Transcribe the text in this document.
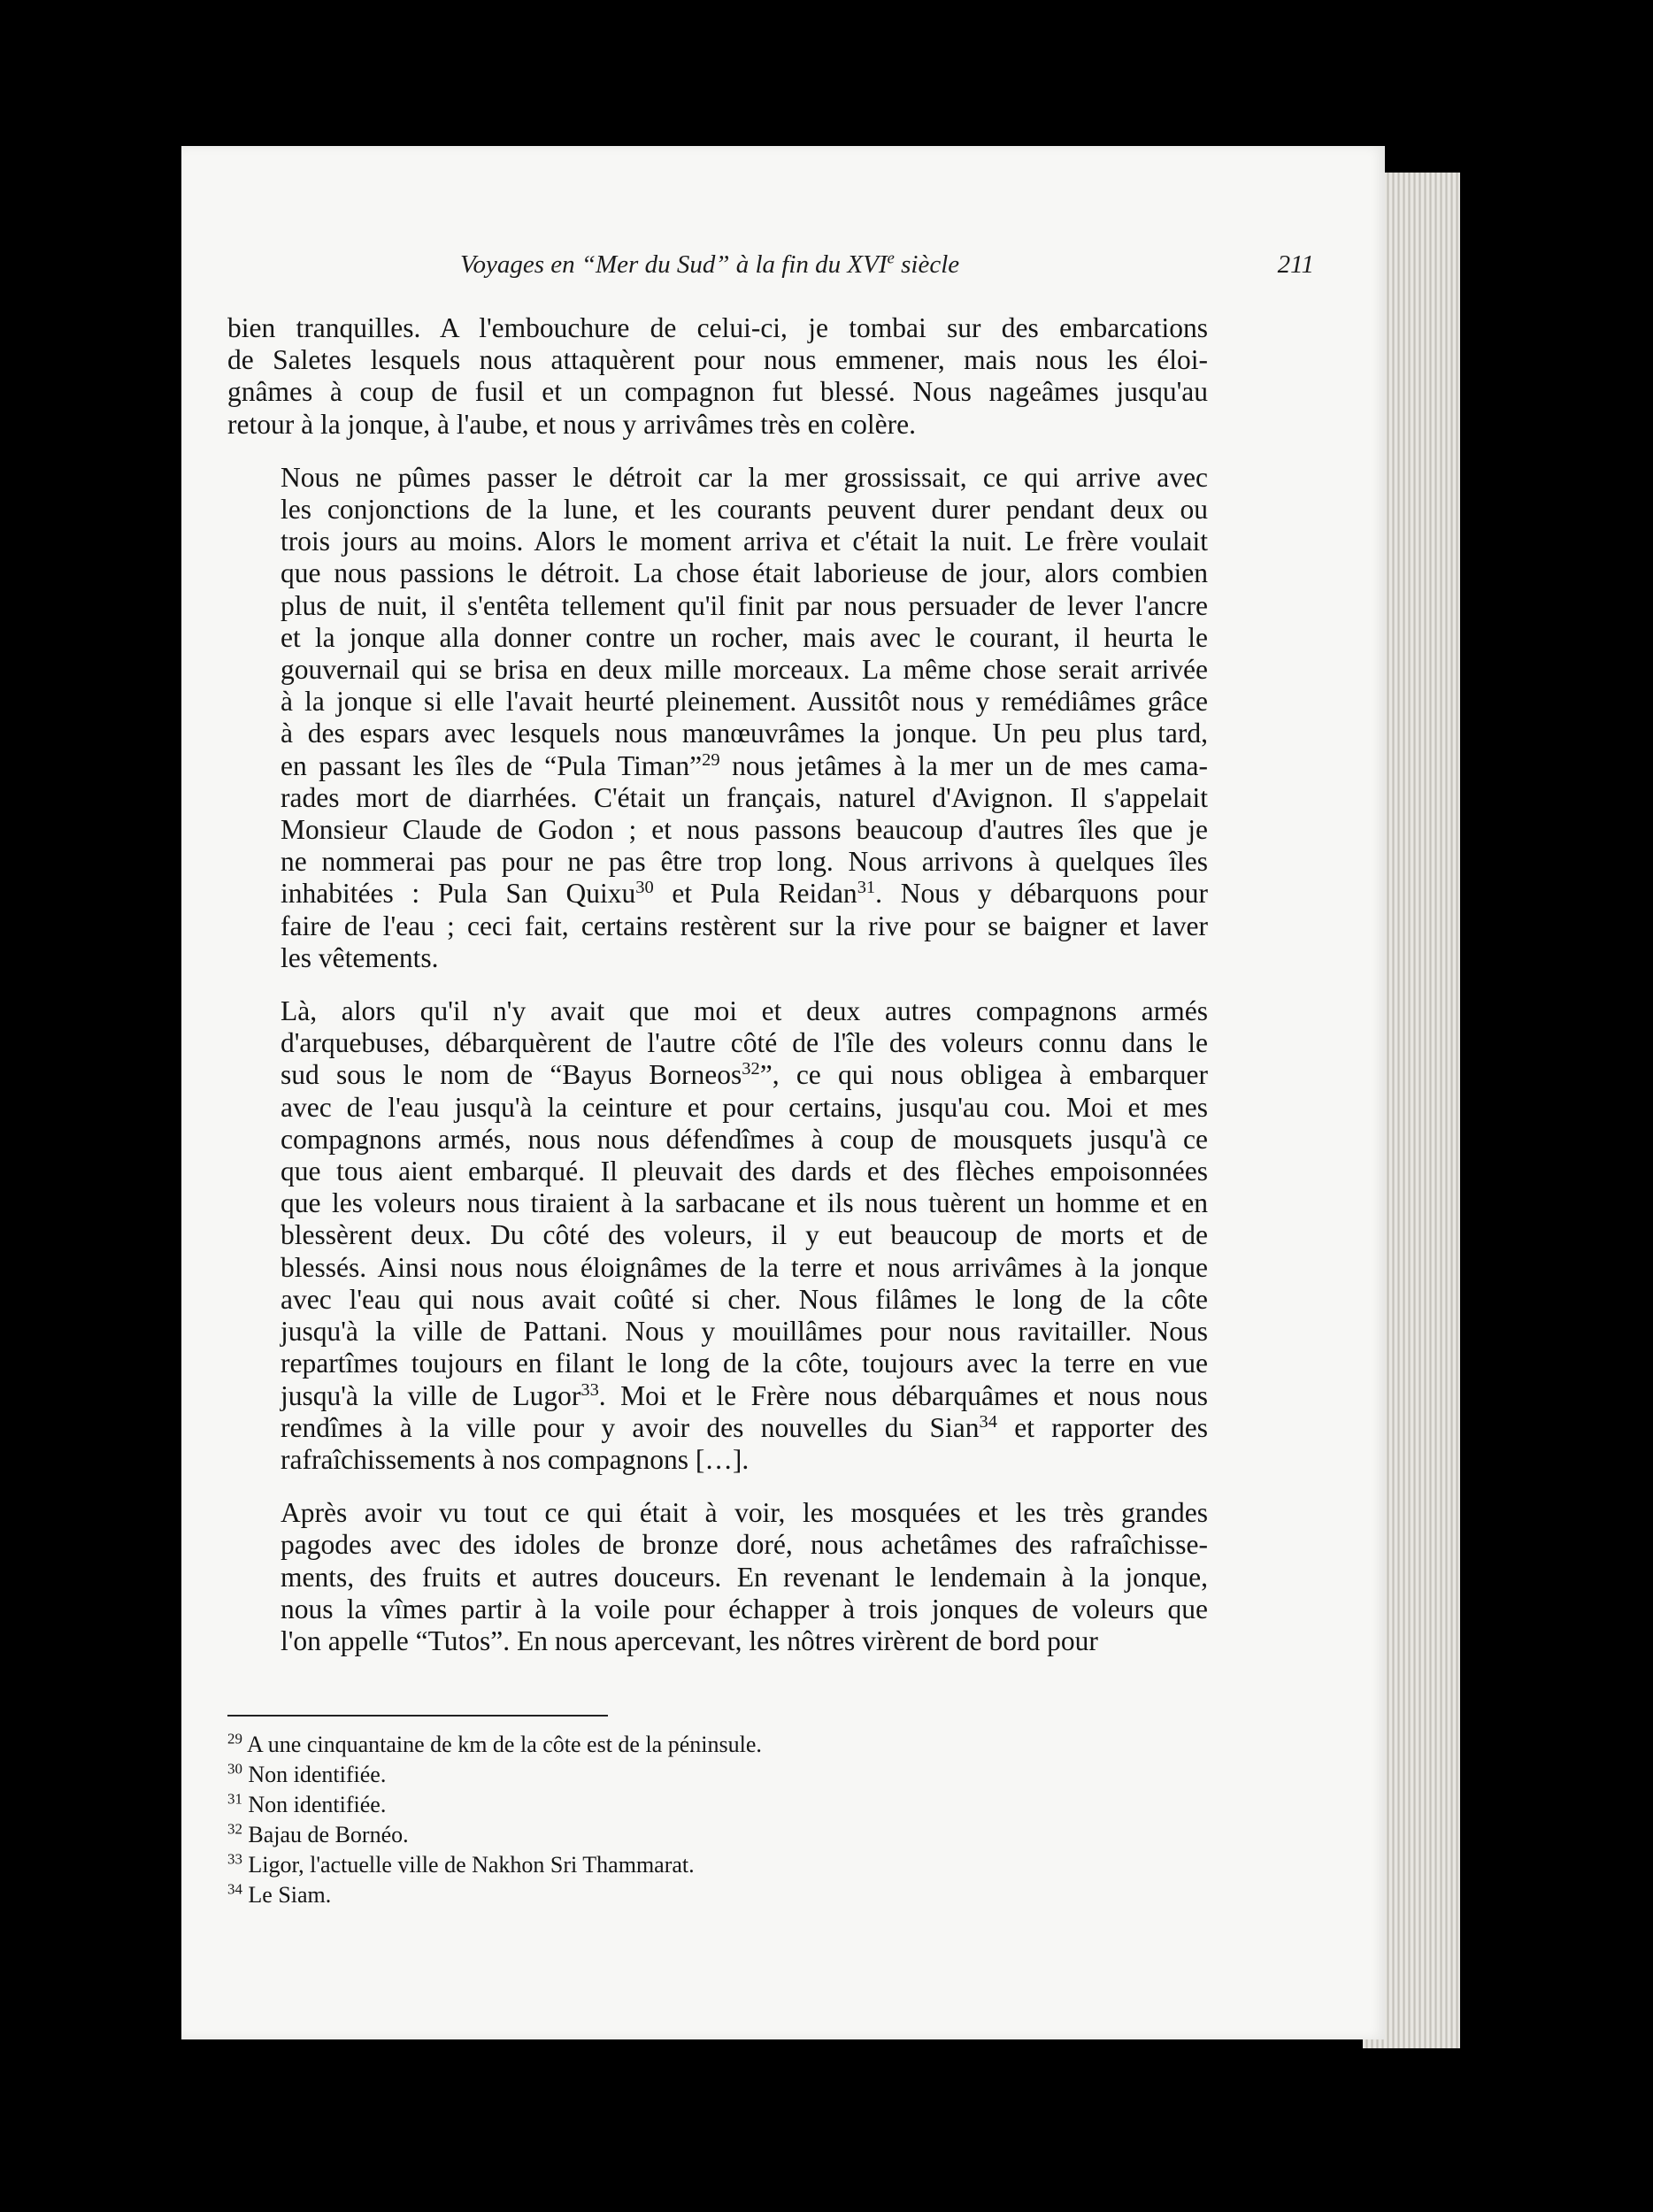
Voyages en “Mer du Sud” à la fin du XVIe siècle	211
bien tranquilles. A l'embouchure de celui-ci, je tombai sur des embarcations
de Saletes lesquels nous attaquèrent pour nous emmener, mais nous les éloi-
gnâmes à coup de fusil et un compagnon fut blessé. Nous nageâmes jusqu'au
retour à la jonque, à l'aube, et nous y arrivâmes très en colère.
Nous ne pûmes passer le détroit car la mer grossissait, ce qui arrive avec
les conjonctions de la lune, et les courants peuvent durer pendant deux ou
trois jours au moins. Alors le moment arriva et c'était la nuit. Le frère voulait
que nous passions le détroit. La chose était laborieuse de jour, alors combien
plus de nuit, il s'entêta tellement qu'il finit par nous persuader de lever l'ancre
et la jonque alla donner contre un rocher, mais avec le courant, il heurta le
gouvernail qui se brisa en deux mille morceaux. La même chose serait arrivée
à la jonque si elle l'avait heurté pleinement. Aussitôt nous y remédiâmes grâce
à des espars avec lesquels nous manœuvrâmes la jonque. Un peu plus tard,
en passant les îles de “Pula Timan”$^{29}$ nous jetâmes à la mer un de mes cama-
rades mort de diarrhées. C'était un français, naturel d'Avignon. Il s'appelait
Monsieur Claude de Godon ; et nous passons beaucoup d'autres îles que je
ne nommerai pas pour ne pas être trop long. Nous arrivons à quelques îles
inhabitées : Pula San Quixu$^{30}$ et Pula Reidan$^{31}$. Nous y débarquons pour
faire de l'eau ; ceci fait, certains restèrent sur la rive pour se baigner et laver
les vêtements.
Là, alors qu'il n'y avait que moi et deux autres compagnons armés
d'arquebuses, débarquèrent de l'autre côté de l'île des voleurs connu dans le
sud sous le nom de “Bayus Borneos$^{32}$”, ce qui nous obligea à embarquer
avec de l'eau jusqu'à la ceinture et pour certains, jusqu'au cou. Moi et mes
compagnons armés, nous nous défendîmes à coup de mousquets jusqu'à ce
que tous aient embarqué. Il pleuvait des dards et des flèches empoisonnées
que les voleurs nous tiraient à la sarbacane et ils nous tuèrent un homme et en
blessèrent deux. Du côté des voleurs, il y eut beaucoup de morts et de
blessés. Ainsi nous nous éloignâmes de la terre et nous arrivâmes à la jonque
avec l'eau qui nous avait coûté si cher. Nous filâmes le long de la côte
jusqu'à la ville de Pattani. Nous y mouillâmes pour nous ravitailler. Nous
repartîmes toujours en filant le long de la côte, toujours avec la terre en vue
jusqu'à la ville de Lugor$^{33}$. Moi et le Frère nous débarquâmes et nous nous
rendîmes à la ville pour y avoir des nouvelles du Sian$^{34}$ et rapporter des
rafraîchissements à nos compagnons […].
Après avoir vu tout ce qui était à voir, les mosquées et les très grandes
pagodes avec des idoles de bronze doré, nous achetâmes des rafraîchisse-
ments, des fruits et autres douceurs. En revenant le lendemain à la jonque,
nous la vîmes partir à la voile pour échapper à trois jonques de voleurs que
l'on appelle “Tutos”. En nous apercevant, les nôtres virèrent de bord pour
$^{29}$ A une cinquantaine de km de la côte est de la péninsule.
$^{30}$ Non identifiée.
$^{31}$ Non identifiée.
$^{32}$ Bajau de Bornéo.
$^{33}$ Ligor, l'actuelle ville de Nakhon Sri Thammarat.
$^{34}$ Le Siam.
